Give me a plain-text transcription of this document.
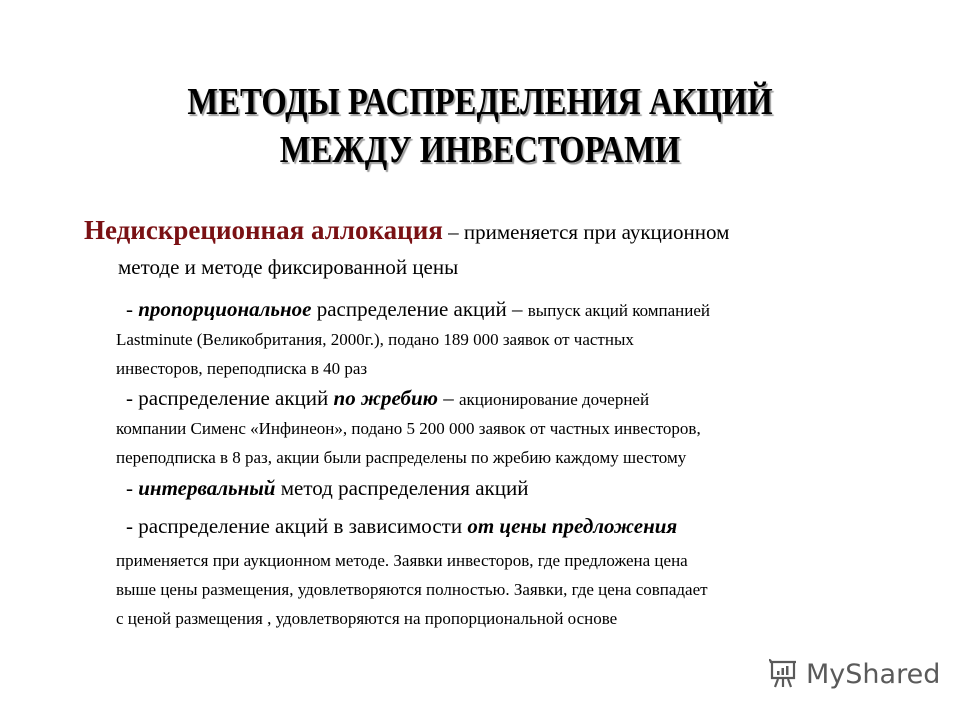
МЕТОДЫ РАСПРЕДЕЛЕНИЯ АКЦИЙ
МЕЖДУ ИНВЕСТОРАМИ
Недискреционная аллокация – применяется при аукционном
методе и методе фиксированной цены
- пропорциональное распределение акций – выпуск акций компанией
Lastminute (Великобритания, 2000г.), подано 189 000 заявок от частных
инвесторов, переподписка в 40 раз
- распределение акций по жребию – акционирование дочерней
компании Сименс «Инфинеон», подано 5 200 000 заявок от частных инвесторов,
переподписка в 8 раз, акции были распределены по жребию каждому шестому
- интервальный метод распределения акций
- распределение акций в зависимости от цены предложения
применяется при аукционном методе. Заявки инвесторов, где предложена цена
выше цены размещения, удовлетворяются полностью. Заявки, где цена совпадает
с ценой размещения , удовлетворяются на пропорциональной основе
MyShared
